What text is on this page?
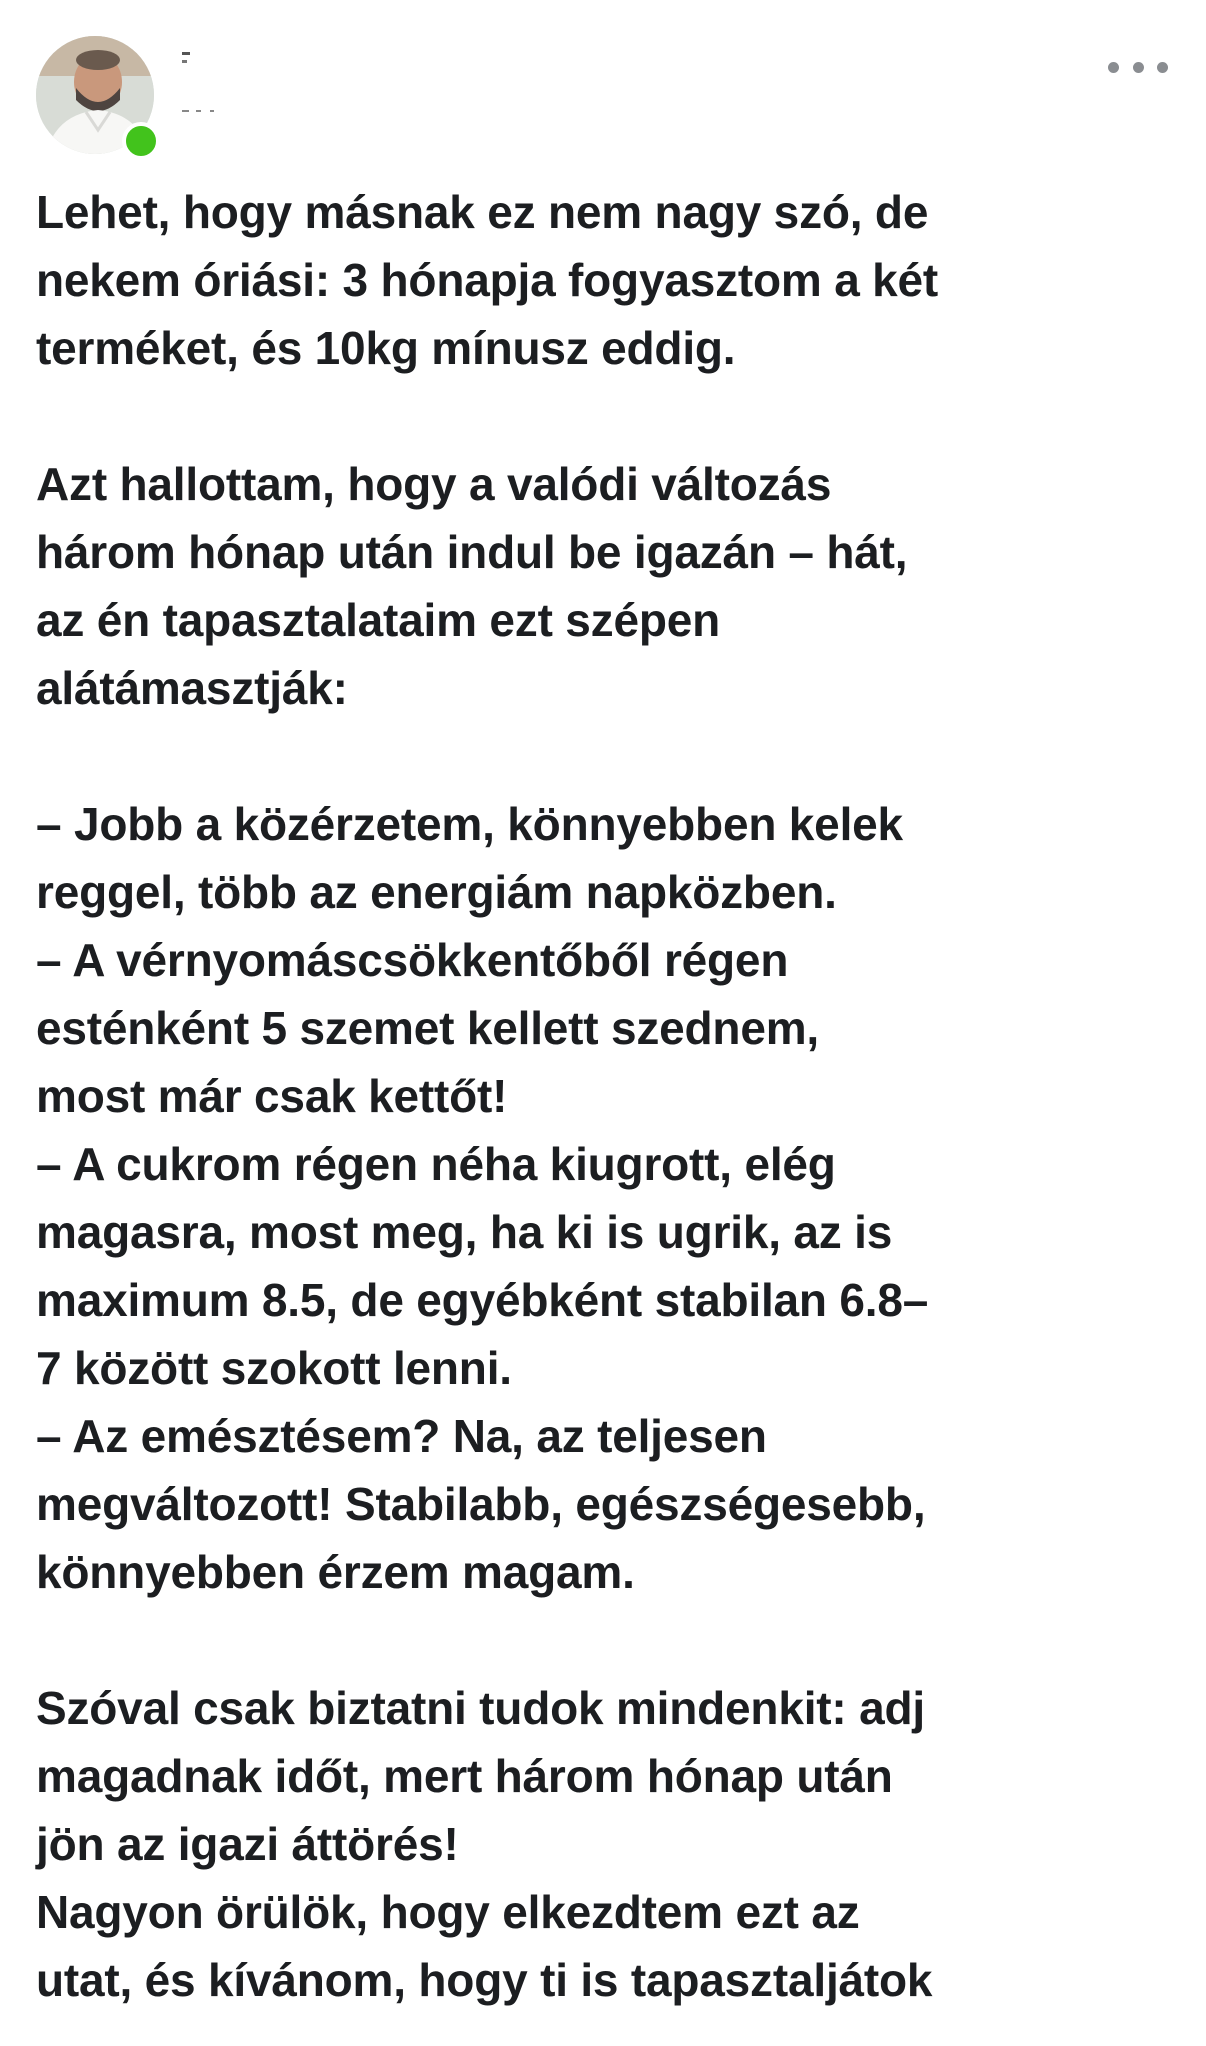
Lehet, hogy másnak ez nem nagy szó, de
nekem óriási: 3 hónapja fogyasztom a két
terméket, és 10kg mínusz eddig.

Azt hallottam, hogy a valódi változás
három hónap után indul be igazán – hát,
az én tapasztalataim ezt szépen
alátámasztják:

– Jobb a közérzetem, könnyebben kelek
reggel, több az energiám napközben.
– A vérnyomáscsökkentőből régen
esténként 5 szemet kellett szednem,
most már csak kettőt!
– A cukrom régen néha kiugrott, elég
magasra, most meg, ha ki is ugrik, az is
maximum 8.5, de egyébként stabilan 6.8–
7 között szokott lenni.
– Az emésztésem? Na, az teljesen
megváltozott! Stabilabb, egészségesebb,
könnyebben érzem magam.

Szóval csak biztatni tudok mindenkit: adj
magadnak időt, mert három hónap után
jön az igazi áttörés!
Nagyon örülök, hogy elkezdtem ezt az
utat, és kívánom, hogy ti is tapasztaljátok
